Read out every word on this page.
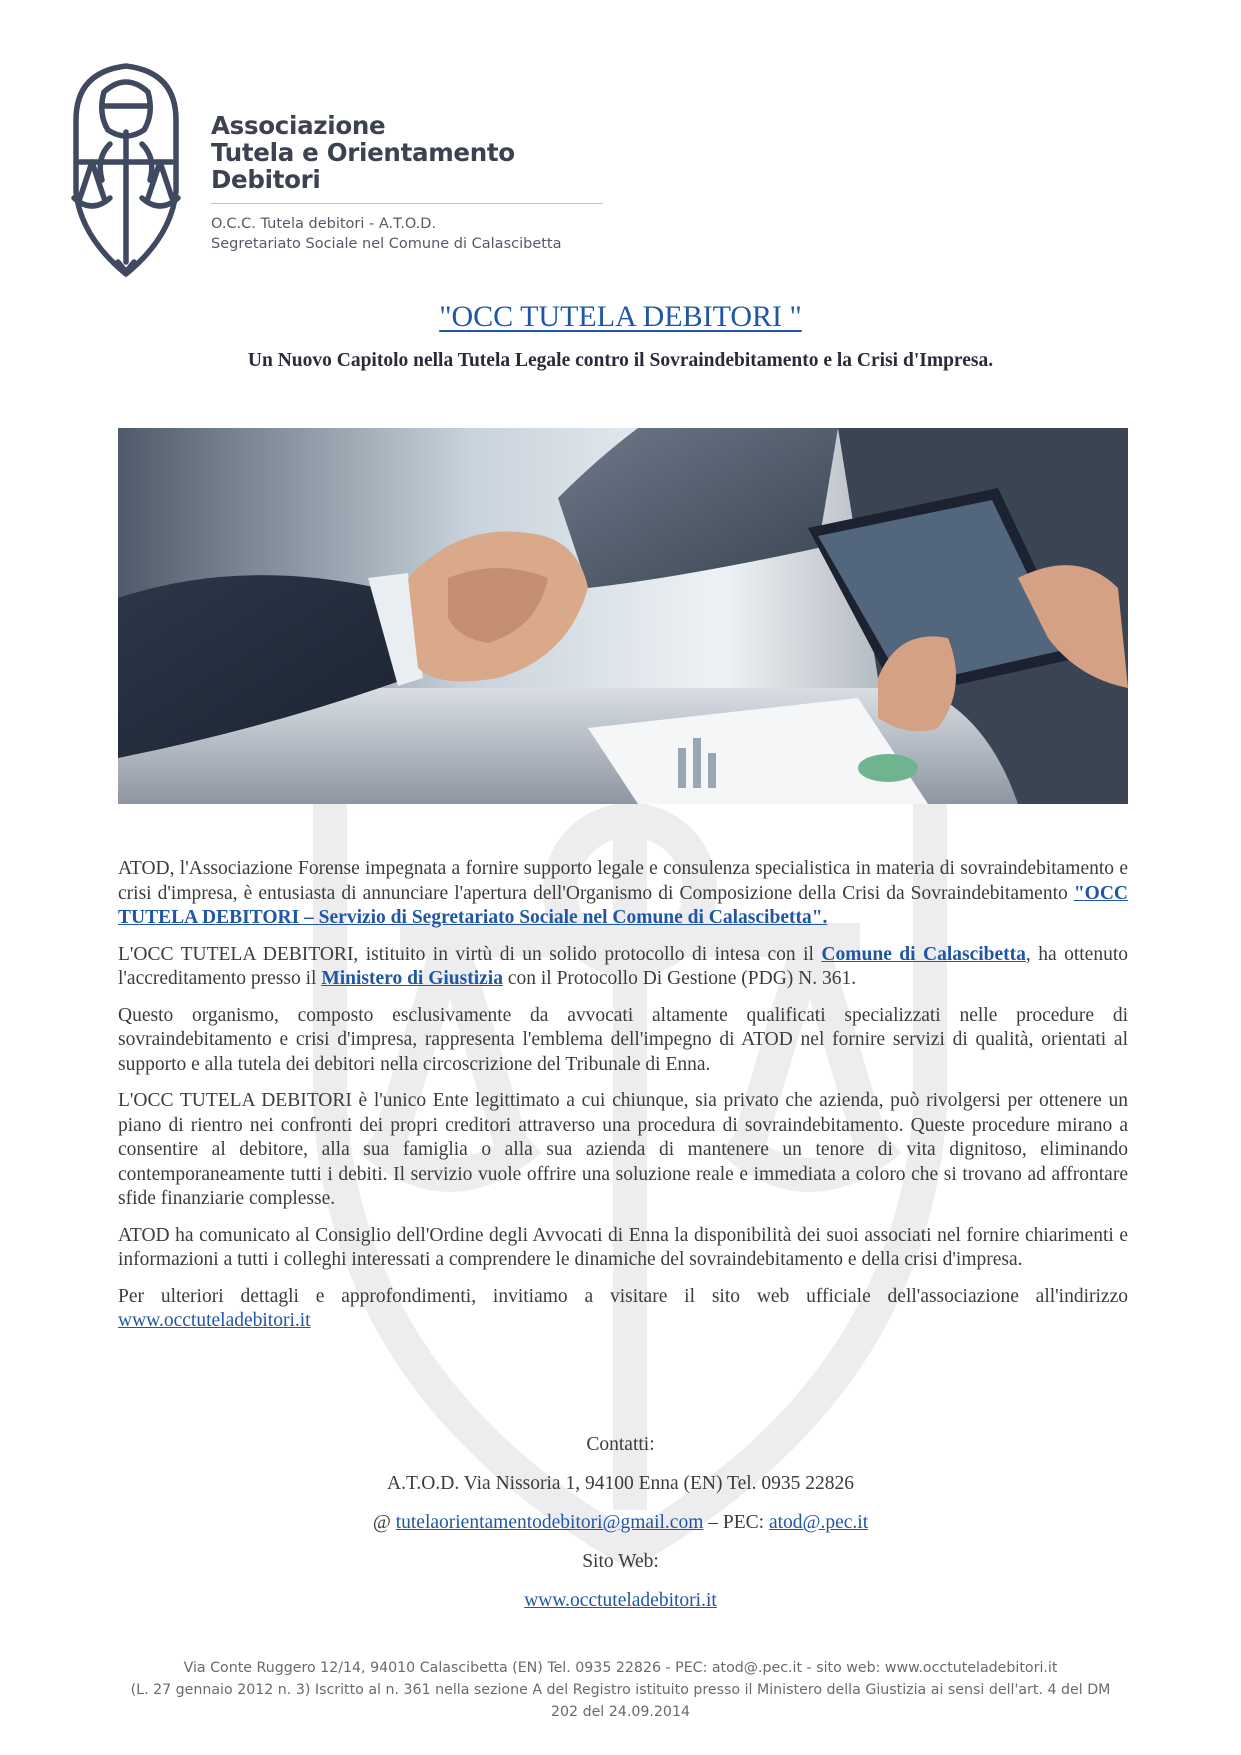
Associazione
Tutela e Orientamento
Debitori
O.C.C. Tutela debitori - A.T.O.D.
Segretariato Sociale nel Comune di Calascibetta
"OCC TUTELA DEBITORI "
Un Nuovo Capitolo nella Tutela Legale contro il Sovraindebitamento e la Crisi d'Impresa.

ATOD, l'Associazione Forense impegnata a fornire supporto legale e consulenza specialistica in materia di sovraindebitamento e crisi d'impresa, è entusiasta di annunciare l'apertura dell'Organismo di Composizione della Crisi da Sovraindebitamento "OCC TUTELA DEBITORI – Servizio di Segretariato Sociale nel Comune di Calascibetta".

L'OCC TUTELA DEBITORI, istituito in virtù di un solido protocollo di intesa con il Comune di Calascibetta, ha ottenuto l'accreditamento presso il Ministero di Giustizia con il Protocollo Di Gestione (PDG) N. 361.

Questo organismo, composto esclusivamente da avvocati altamente qualificati specializzati nelle procedure di sovraindebitamento e crisi d'impresa, rappresenta l'emblema dell'impegno di ATOD nel fornire servizi di qualità, orientati al supporto e alla tutela dei debitori nella circoscrizione del Tribunale di Enna.

L'OCC TUTELA DEBITORI è l'unico Ente legittimato a cui chiunque, sia privato che azienda, può rivolgersi per ottenere un piano di rientro nei confronti dei propri creditori attraverso una procedura di sovraindebitamento. Queste procedure mirano a consentire al debitore, alla sua famiglia o alla sua azienda di mantenere un tenore di vita dignitoso, eliminando contemporaneamente tutti i debiti. Il servizio vuole offrire una soluzione reale e immediata a coloro che si trovano ad affrontare sfide finanziarie complesse.

ATOD ha comunicato al Consiglio dell'Ordine degli Avvocati di Enna la disponibilità dei suoi associati nel fornire chiarimenti e informazioni a tutti i colleghi interessati a comprendere le dinamiche del sovraindebitamento e della crisi d'impresa.

Per ulteriori dettagli e approfondimenti, invitiamo a visitare il sito web ufficiale dell'associazione all'indirizzo www.occtuteladebitori.it

Contatti:
A.T.O.D. Via Nissoria 1, 94100 Enna (EN) Tel. 0935 22826
@ tutelaorientamentodebitori@gmail.com – PEC: atod@.pec.it
Sito Web:
www.occtuteladebitori.it
Via Conte Ruggero 12/14, 94010 Calascibetta (EN) Tel. 0935 22826 - PEC: atod@.pec.it - sito web: www.occtuteladebitori.it
(L. 27 gennaio 2012 n. 3) Iscritto al n. 361 nella sezione A del Registro istituito presso il Ministero della Giustizia ai sensi dell'art. 4 del DM
202 del 24.09.2014
